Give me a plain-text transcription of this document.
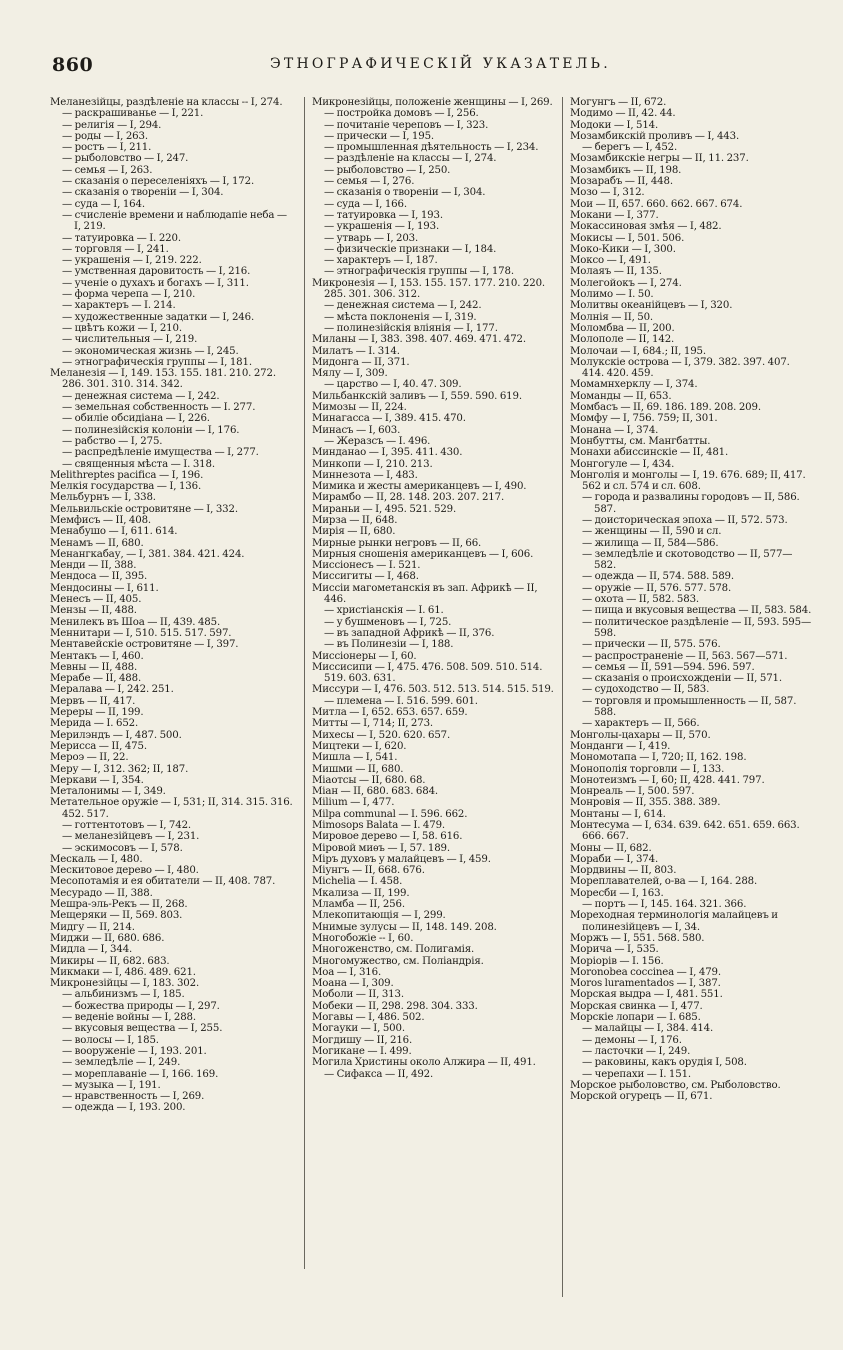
860	ЭТНОГРАФИЧЕСКІЙ УКАЗАТЕЛЬ.

Меланезійцы, раздѣленіе на классы -- I, 274.

— раскрашиванье — I, 221.

— религія — I, 294.

— роды — I, 263.

— ростъ — I, 211.

— рыболовство — I, 247.

— семья — I, 263.

— сказанія о переселеніяхъ — I, 172.

— сказанія о твореніи — I, 304.

— суда — I, 164.

— счисленіе времени и наблюдапіе неба — I, 219.

— татуировка — I. 220.

— торговля — I, 241.

— украшенія — I, 219. 222.

— умственная даровитость — I, 216.

— ученіе о духахъ и богахъ — I, 311.

— форма черепа — I, 210.

— характеръ — I. 214.

— художественные задатки — I, 246.

— цвѣтъ кожи — I, 210.

— числительныя — I, 219.

— экономическая жизнь — I, 245.

— этнографическія группы — I, 181.

Меланезія — I, 149. 153. 155. 181. 210. 272. 286. 301. 310. 314. 342.

— денежная система — I, 242.

— земельная собственность — I. 277.

— обиліе обсидіана — I, 226.

— полинезійскія колоніи — I, 176.

— рабство — I, 275.

— распредѣленіе имущества — I, 277.

— священныя мѣста — I. 318.

Melithreptes pacifica — I, 196.

Мелкія государства — I, 136.

Мельбурнъ — I, 338.

Мельвильскіе островитяне — I, 332.

Мемфисъ — II, 408.

Менабушо — I, 611. 614.

Менамъ — II, 680.

Менангкабау, — I, 381. 384. 421. 424.

Менди — II, 388.

Мендоса — II, 395.

Мендосины — I, 611.

Менесъ — II, 405.

Мензы — II, 488.

Менилекъ въ Шоа — II, 439. 485.

Меннитари — I, 510. 515. 517. 597.

Ментавейскіе островитяне — I, 397.

Ментакъ — I, 460.

Мевны — II, 488.

Мерабе — II, 488.

Мералава — I, 242. 251.

Мервъ — II, 417.

Мереры — II, 199.

Мерида — I. 652.

Мерилэндъ — I, 487. 500.

Мерисса — II, 475.

Мероэ — II, 22.

Меру — I, 312. 362; II, 187.

Меркави — I, 354.

Металонимы — I, 349.

Метательное оружіе — I, 531; II, 314. 315. 316. 452. 517.

— готтентотовъ — I, 742.

— меланезійцевъ — I, 231.

— эскимосовъ — I, 578.

Мескаль — I, 480.

Мескитовое дерево — I, 480.

Месопотамія и ея обитатели — II, 408. 787.

Месурадо — II, 388.

Мешра-эль-Рекъ — II, 268.

Мещеряки — II, 569. 803.

Мидгу — II, 214.

Миджи — II, 680. 686.

Мидла — I, 344.

Микиры — II, 682. 683.

Микмаки — I, 486. 489. 621.

Микронезійцы — I, 183. 302.

— альбинизмъ — I, 185.

— божества природы — I, 297.

— веденіе войны — I, 288.

— вкусовыя вещества — I, 255.

— волосы — I, 185.

— вооруженіе — I, 193. 201.

— земледѣліе — I, 249.

— мореплаваніе — I, 166. 169.

— музыка — I, 191.

— нравственность — I, 269.

— одежда — I, 193. 200.

Микронезійцы, положеніе женщины — I, 269.

— постройка домовъ — I, 256.

— почитаніе череповъ — I, 323.

— прически — I, 195.

— промышленная дѣятельность — I, 234.

— раздѣленіе на классы — I, 274.

— рыболовство — I, 250.

— семья — I, 276.

— сказанія о твореніи — I, 304.

— суда — I, 166.

— татуировка — I, 193.

— украшенія — I, 193.

— утварь — I, 203.

— физическіе признаки — I, 184.

— характеръ — I, 187.

— этнографическія группы — I, 178.

Микронезія — I, 153. 155. 157. 177. 210. 220. 285. 301. 306. 312.

— денежная система — I, 242.

— мѣста поклоненія — I, 319.

— полинезійскія вліянія — I, 177.

Миланы — I, 383. 398. 407. 469. 471. 472.

Милатъ — I. 314.

Мидонга — II, 371.

Мялу — I, 309.

— царство — I, 40. 47. 309.

Мильбанкскій заливъ — I, 559. 590. 619.

Мимозы — II, 224.

Минагасса — I, 389. 415. 470.

Минасъ — I, 603.

— Жеразсъ — I. 496.

Минданао — I, 395. 411. 430.

Минкопи — I, 210. 213.

Миннезота — I, 483.

Мимика и жесты американцевъ — I, 490.

Мирамбо — II, 28. 148. 203. 207. 217.

Мираньи — I, 495. 521. 529.

Мирза — II, 648.

Мирія — II, 680.

Мирные рынки негровъ — II, 66.

Мирныя сношенія американцевъ — I, 606.

Миссіонесъ — I. 521.

Миссигиты — I, 468.

Миссіи магометанскія въ зап. Африкѣ — II, 446.

— христіанскія — I. 61.

— у бушменовъ — I, 725.

— въ западной Африкѣ — II, 376.

— въ Полинезіи — I, 188.

Миссіонеры — I, 60.

Миссисипи — I, 475. 476. 508. 509. 510. 514. 519. 603. 631.

Миссури — I, 476. 503. 512. 513. 514. 515. 519.

— племена — I. 516. 599. 601.

Митла — I, 652. 653. 657. 659.

Митты — I, 714; II, 273.

Михесы — I, 520. 620. 657.

Мицтеки — I, 620.

Мишла — I, 541.

Мишми — II, 680.

Міаотсы — II, 680. 68.

Міан — II, 680. 683. 684.

Milium — I, 477.

Milpa communal — I. 596. 662.

Mimosops Balata — I. 479.

Мировое дерево — I, 58. 616.

Міровой миѳъ — I, 57. 189.

Міръ духовъ у малайцевъ — I, 459.

Міунгъ — II, 668. 676.

Michelia — I. 458.

Мкализа — II, 199.

Мламба — II, 256.

Млекопитающія — I, 299.

Мнимые зулусы — II, 148. 149. 208.

Многобожіе -- I, 60.

Многоженство, см. Полигамія.

Многомужество, см. Поліандрія.

Моа — I, 316.

Моана — I, 309.

Моболи — II, 313.

Мобеки — II, 298. 298. 304. 333.

Могавы — I, 486. 502.

Могауки — I, 500.

Могдишу — II, 216.

Могикане — I. 499.

Могила Христины около Алжира — II, 491.

— Сифакса — II, 492.

Могунгъ — II, 672.

Модимо — II, 42. 44.

Модоки — I, 514.

Мозамбикскій проливъ — I, 443.

— берегъ — I, 452.

Мозамбикскіе негры — II, 11. 237.

Мозамбикъ — II, 198.

Мозарабъ — II, 448.

Мозо — I, 312.

Мои — II, 657. 660. 662. 667. 674.

Мокани — I, 377.

Мокассиновая змѣя — I, 482.

Мокисы — I, 501. 506.

Моко-Кики — I, 300.

Моксо — I, 491.

Молаяъ — II, 135.

Молегойокъ — I, 274.

Молимо — I. 50.

Молитвы океанійцевъ — I, 320.

Молнія — II, 50.

Моломбва — II, 200.

Молополе — II, 142.

Молочаи — I, 684.; II, 195.

Молукскіе острова — I, 379. 382. 397. 407. 414. 420. 459.

Момамнхерклу — I, 374.

Моманды — II, 653.

Момбасъ — II, 69. 186. 189. 208. 209.

Момфу — I, 756. 759; II, 301.

Монана — I, 374.

Монбутты, см. Мангбатты.

Монахи абиссинскіе — II, 481.

Монгогуле — I, 434.

Монголія и монголы — I, 19. 676. 689; II, 417. 562 и сл. 574 и сл. 608.

— города и развалины городовъ — II, 586. 587.

— доисторическая эпоха — II, 572. 573.

— женщины — II, 590 и сл.

— жилища — II, 584—586.

— земледѣліе и скотоводство — II, 577—582.

— одежда — II, 574. 588. 589.

— оружіе — II, 576. 577. 578.

— охота — II, 582. 583.

— пища и вкусовыя вещества — II, 583. 584.

— политическое раздѣленіе — II, 593. 595—598.

— прически — II, 575. 576.

— распространеніе — II, 563. 567—571.

— семья — II, 591—594. 596. 597.

— сказанія о происхожденіи — II, 571.

— судоходство — II, 583.

— торговля и промышленность — II, 587. 588.

— характеръ — II, 566.

Монголы-цахары — II, 570.

Монданги — I, 419.

Мономотапа — I, 720; II, 162. 198.

Монополія торговли — I, 133.

Монотеизмъ — I, 60; II, 428. 441. 797.

Монреаль — I, 500. 597.

Монровія — II, 355. 388. 389.

Монтаны — I, 614.

Монтесума — I, 634. 639. 642. 651. 659. 663. 666. 667.

Моны — II, 682.

Мораби — I, 374.

Мордвины — II, 803.

Мореплавателей, о-ва — I, 164. 288.

Моресби — I, 163.

— портъ — I, 145. 164. 321. 366.

Мореходная терминологія малайцевъ и полинезійцевъ — I, 34.

Моржъ — I, 551. 568. 580.

Морича — I, 535.

Моріорів — I. 156.

Moronobea coccinea — I, 479.

Moros luramentados — I, 387.

Морская выдра — I, 481. 551.

Морская свинка — I, 477.

Морскіе лопари — I. 685.

— малайцы — I, 384. 414.

— демоны — I, 176.

— ласточки — I, 249.

— раковины, какъ орудія I, 508.

— черепахи — I. 151.

Морское рыболовство, см. Рыболовство.

Морской огурецъ — II, 671.
